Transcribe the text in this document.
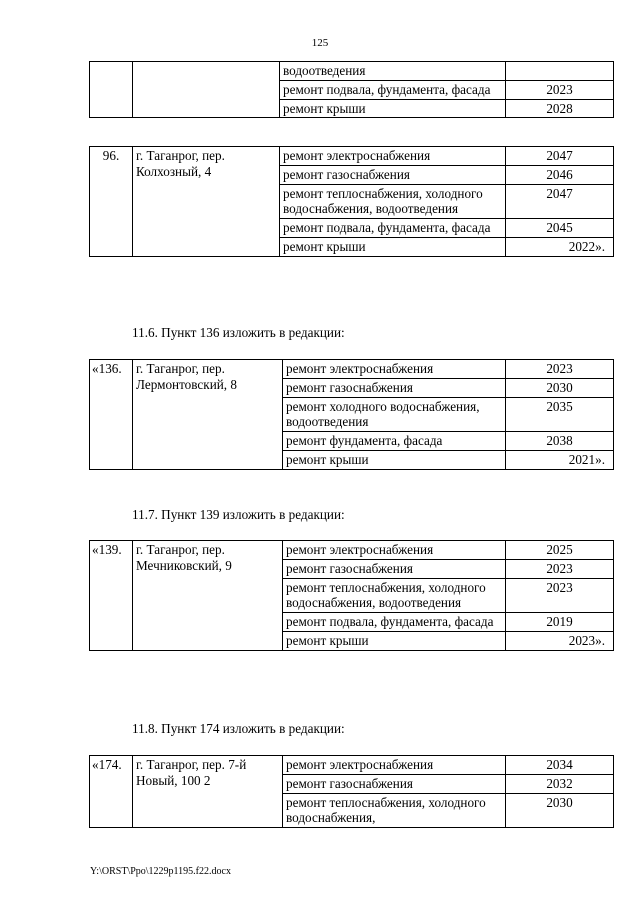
125
		водоотведения	
		ремонт подвала, фундамента, фасада	2023
		ремонт крыши	2028
96.	г. Таганрог, пер. Колхозный, 4	ремонт электроснабжения	2047
		ремонт газоснабжения	2046
		ремонт теплоснабжения, холодного водоснабжения, водоотведения	2047
		ремонт подвала, фундамента, фасада	2045
		ремонт крыши	2022».
11.6. Пункт 136 изложить в редакции:
«136.	г. Таганрог, пер. Лермонтовский, 8	ремонт электроснабжения	2023
		ремонт газоснабжения	2030
		ремонт холодного водоснабжения, водоотведения	2035
		ремонт фундамента, фасада	2038
		ремонт крыши	2021».
11.7. Пункт 139 изложить в редакции:
«139.	г. Таганрог, пер. Мечниковский, 9	ремонт электроснабжения	2025
		ремонт газоснабжения	2023
		ремонт теплоснабжения, холодного водоснабжения, водоотведения	2023
		ремонт подвала, фундамента, фасада	2019
		ремонт крыши	2023».
11.8. Пункт 174 изложить в редакции:
«174.	г. Таганрог, пер. 7-й Новый, 100 2	ремонт электроснабжения	2034
		ремонт газоснабжения	2032
		ремонт теплоснабжения, холодного водоснабжения,	2030
Y:\ORST\Ppo\1229p1195.f22.docx
